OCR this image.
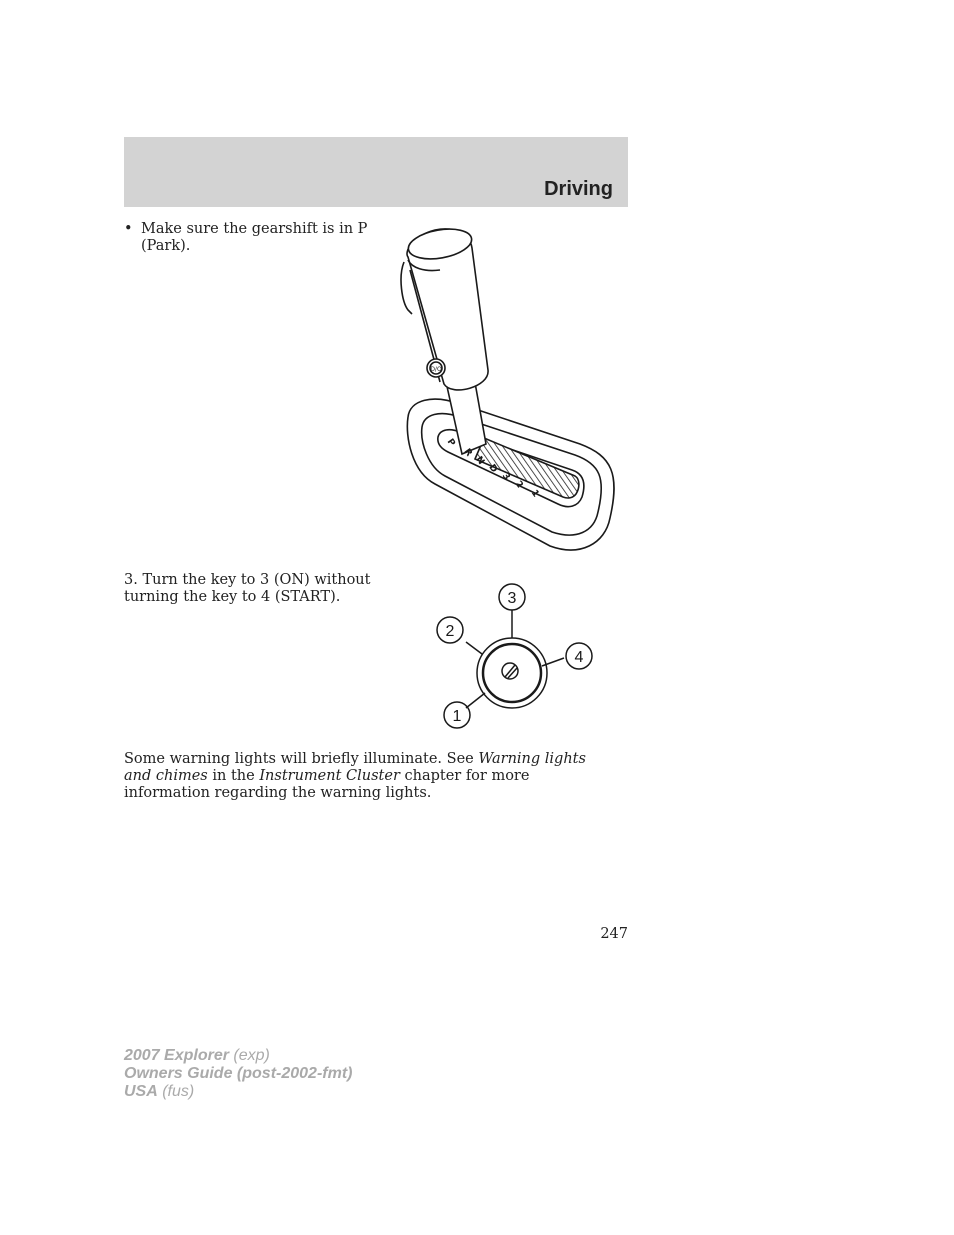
Driving
• Make sure the gearshift is in P (Park).
D/O
P
R
N
D
3
2
1
3. Turn the key to 3 (ON) without turning the key to 4 (START).
1
2
3
4
Some warning lights will briefly illuminate. See Warning lights and chimes in the Instrument Cluster chapter for more information regarding the warning lights.
247
2007 Explorer (exp)
Owners Guide (post-2002-fmt)
USA (fus)
